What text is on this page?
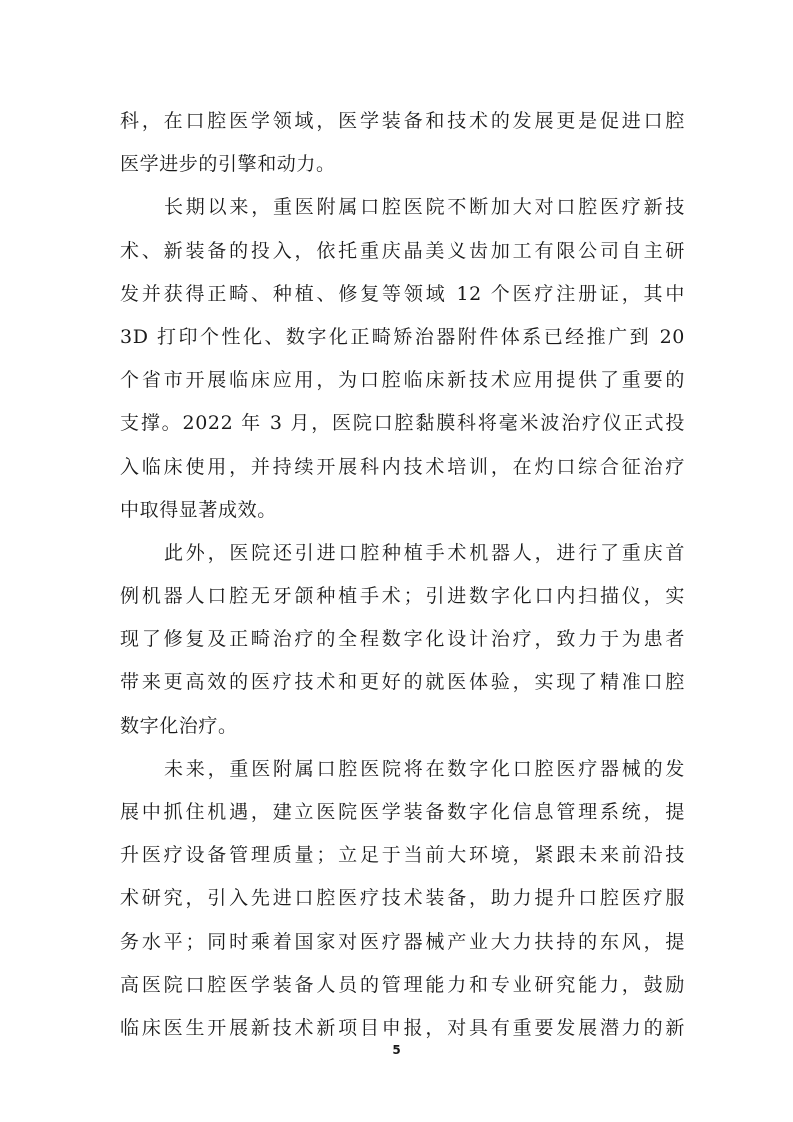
科，在口腔医学领域，医学装备和技术的发展更是促进口腔
医学进步的引擎和动力。
长期以来，重医附属口腔医院不断加大对口腔医疗新技
术、新装备的投入，依托重庆晶美义齿加工有限公司自主研
发并获得正畸、种植、修复等领域 12 个医疗注册证，其中
3D 打印个性化、数字化正畸矫治器附件体系已经推广到 20
个省市开展临床应用，为口腔临床新技术应用提供了重要的
支撑。2022 年 3 月，医院口腔黏膜科将毫米波治疗仪正式投
入临床使用，并持续开展科内技术培训，在灼口综合征治疗
中取得显著成效。
此外，医院还引进口腔种植手术机器人，进行了重庆首
例机器人口腔无牙颌种植手术；引进数字化口内扫描仪，实
现了修复及正畸治疗的全程数字化设计治疗，致力于为患者
带来更高效的医疗技术和更好的就医体验，实现了精准口腔
数字化治疗。
未来，重医附属口腔医院将在数字化口腔医疗器械的发
展中抓住机遇，建立医院医学装备数字化信息管理系统，提
升医疗设备管理质量；立足于当前大环境，紧跟未来前沿技
术研究，引入先进口腔医疗技术装备，助力提升口腔医疗服
务水平；同时乘着国家对医疗器械产业大力扶持的东风，提
高医院口腔医学装备人员的管理能力和专业研究能力，鼓励
临床医生开展新技术新项目申报，对具有重要发展潜力的新
5
